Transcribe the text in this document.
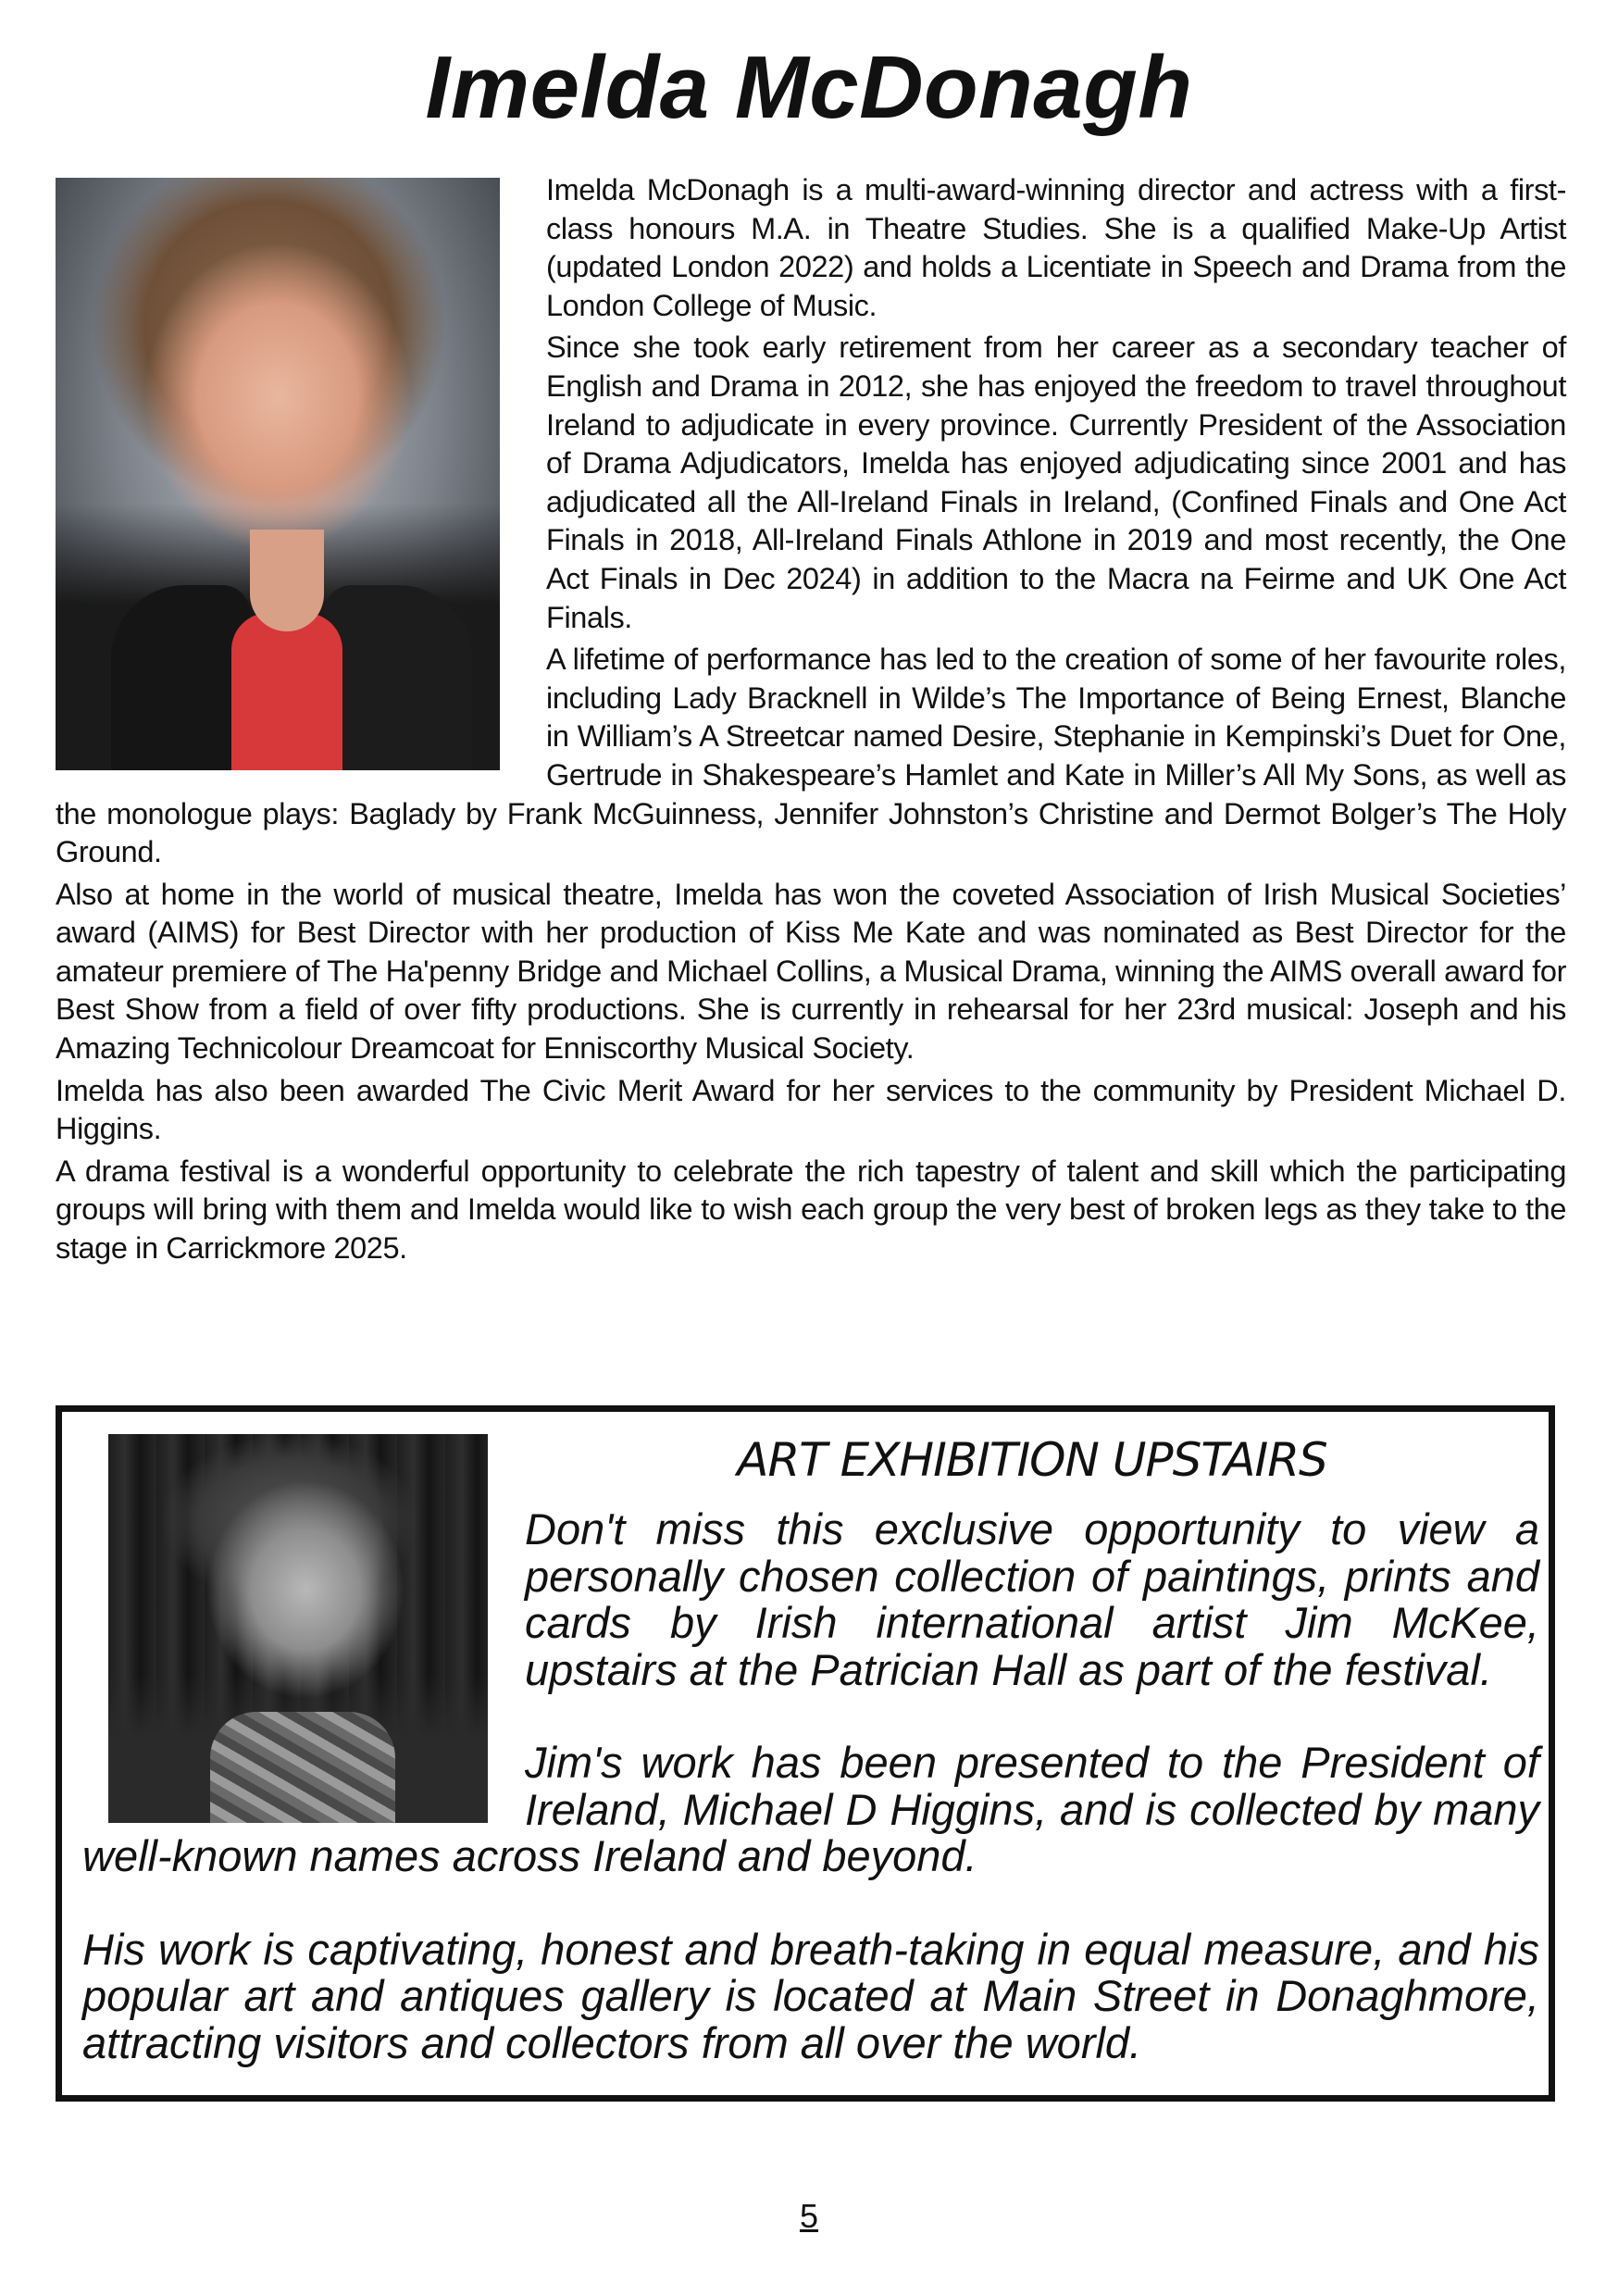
Imelda McDonagh

Imelda McDonagh is a multi-award-winning director and actress with a first-class honours M.A. in Theatre Studies. She is a qualified Make-Up Artist (updated London 2022) and holds a Licentiate in Speech and Drama from the London College of Music.

Since she took early retirement from her career as a secondary teacher of English and Drama in 2012, she has enjoyed the freedom to travel throughout Ireland to adjudicate in every province. Currently President of the Association of Drama Adjudicators, Imelda has enjoyed adjudicating since 2001 and has adjudicated all the All-Ireland Finals in Ireland, (Confined Finals and One Act Finals in 2018, All-Ireland Finals Athlone in 2019 and most recently, the One Act Finals in Dec 2024) in addition to the Macra na Feirme and UK One Act Finals.

A lifetime of performance has led to the creation of some of her favourite roles, including Lady Bracknell in Wilde’s The Importance of Being Ernest, Blanche in William’s A Streetcar named Desire, Stephanie in Kempinski’s Duet for One, Gertrude in Shakespeare’s Hamlet and Kate in Miller’s All My Sons, as well as the monologue plays: Baglady by Frank McGuinness, Jennifer Johnston’s Christine and Dermot Bolger’s The Holy Ground.

Also at home in the world of musical theatre, Imelda has won the coveted Association of Irish Musical Societies’ award (AIMS) for Best Director with her production of Kiss Me Kate and was nominated as Best Director for the amateur premiere of The Ha'penny Bridge and Michael Collins, a Musical Drama, winning the AIMS overall award for Best Show from a field of over fifty productions. She is currently in rehearsal for her 23rd musical: Joseph and his Amazing Technicolour Dreamcoat for Enniscorthy Musical Society.

Imelda has also been awarded The Civic Merit Award for her services to the community by President Michael D. Higgins.

A drama festival is a wonderful opportunity to celebrate the rich tapestry of talent and skill which the participating groups will bring with them and Imelda would like to wish each group the very best of broken legs as they take to the stage in Carrickmore 2025.

ART EXHIBITION UPSTAIRS

Don't miss this exclusive opportunity to view a personally chosen collection of paintings, prints and cards by Irish international artist Jim McKee, upstairs at the Patrician Hall as part of the festival.

Jim's work has been presented to the President of Ireland, Michael D Higgins, and is collected by many well-known names across Ireland and beyond.

His work is captivating, honest and breath-taking in equal measure, and his popular art and antiques gallery is located at Main Street in Donaghmore, attracting visitors and collectors from all over the world.

5
